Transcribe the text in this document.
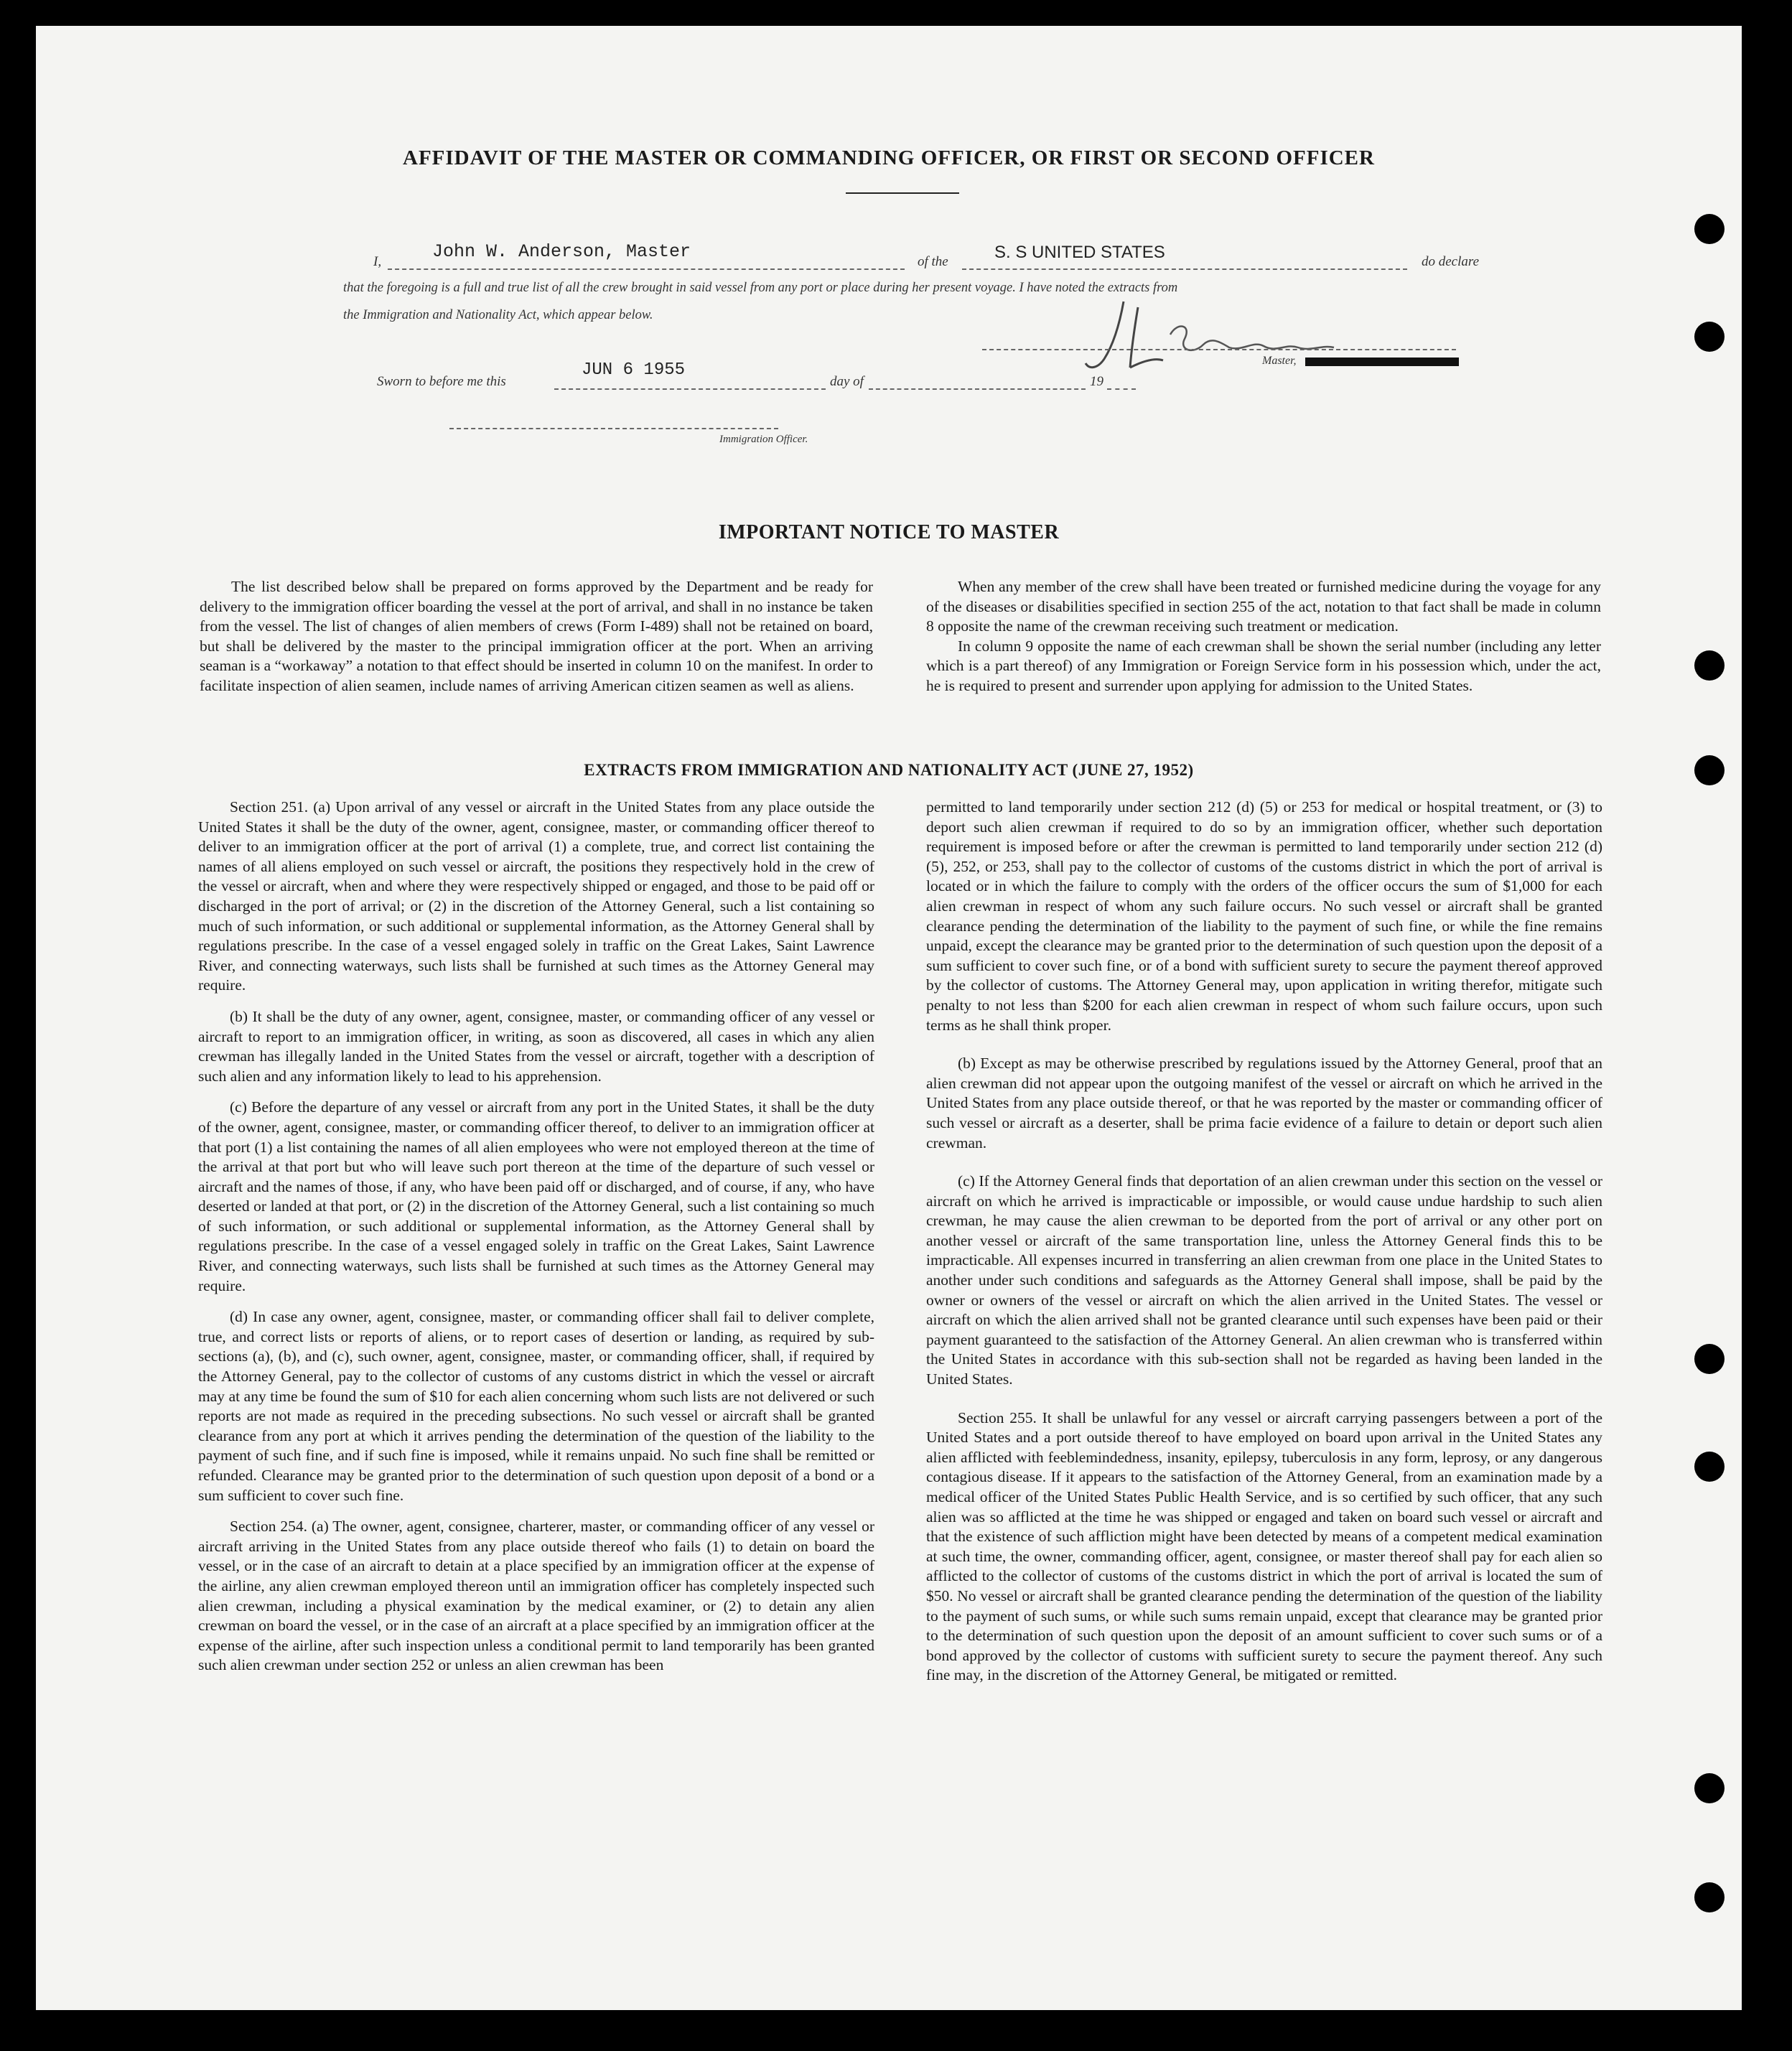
AFFIDAVIT OF THE MASTER OR COMMANDING OFFICER, OR FIRST OR SECOND OFFICER
I,	John W. Anderson, Master	of the	S. S UNITED STATES	do declare
that the foregoing is a full and true list of all the crew brought in said vessel from any port or place during her present voyage. I have noted the extracts from
the Immigration and Nationality Act, which appear below.
Master,
Sworn to before me this
JUN 6 1955
day of	19
Immigration Officer.
IMPORTANT NOTICE TO MASTER

The list described below shall be prepared on forms approved by the Department and be ready for delivery to the immigration officer boarding the vessel at the port of arrival, and shall in no instance be taken from the vessel. The list of changes of alien members of crews (Form I-489) shall not be retained on board, but shall be delivered by the master to the principal immigration officer at the port. When an arriving seaman is a “workaway” a notation to that effect should be inserted in column 10 on the manifest. In order to facilitate inspection of alien seamen, include names of arriving American citizen seamen as well as aliens.

When any member of the crew shall have been treated or furnished medicine during the voyage for any of the diseases or disabilities specified in section 255 of the act, notation to that fact shall be made in column 8 opposite the name of the crewman receiving such treatment or medication.

In column 9 opposite the name of each crewman shall be shown the serial number (including any letter which is a part thereof) of any Immigration or Foreign Service form in his possession which, under the act, he is required to present and surrender upon applying for admission to the United States.

EXTRACTS FROM IMMIGRATION AND NATIONALITY ACT (JUNE 27, 1952)

Section 251. (a) Upon arrival of any vessel or aircraft in the United States from any place outside the United States it shall be the duty of the owner, agent, consignee, master, or commanding officer thereof to deliver to an immigration officer at the port of arrival (1) a complete, true, and correct list containing the names of all aliens employed on such vessel or aircraft, the positions they respectively hold in the crew of the vessel or aircraft, when and where they were respectively shipped or engaged, and those to be paid off or discharged in the port of arrival; or (2) in the discretion of the Attorney General, such a list containing so much of such information, or such additional or supplemental information, as the Attorney General shall by regulations prescribe. In the case of a vessel engaged solely in traffic on the Great Lakes, Saint Lawrence River, and connecting waterways, such lists shall be furnished at such times as the Attorney General may require.

(b) It shall be the duty of any owner, agent, consignee, master, or commanding officer of any vessel or aircraft to report to an immigration officer, in writing, as soon as discovered, all cases in which any alien crewman has illegally landed in the United States from the vessel or aircraft, together with a description of such alien and any information likely to lead to his apprehension.

(c) Before the departure of any vessel or aircraft from any port in the United States, it shall be the duty of the owner, agent, consignee, master, or commanding officer thereof, to deliver to an immigration officer at that port (1) a list containing the names of all alien employees who were not employed thereon at the time of the arrival at that port but who will leave such port thereon at the time of the departure of such vessel or aircraft and the names of those, if any, who have been paid off or discharged, and of course, if any, who have deserted or landed at that port, or (2) in the discretion of the Attorney General, such a list containing so much of such information, or such additional or supplemental information, as the Attorney General shall by regulations prescribe. In the case of a vessel engaged solely in traffic on the Great Lakes, Saint Lawrence River, and connecting waterways, such lists shall be furnished at such times as the Attorney General may require.

(d) In case any owner, agent, consignee, master, or commanding officer shall fail to deliver complete, true, and correct lists or reports of aliens, or to report cases of desertion or landing, as required by sub-sections (a), (b), and (c), such owner, agent, consignee, master, or commanding officer, shall, if required by the Attorney General, pay to the collector of customs of any customs district in which the vessel or aircraft may at any time be found the sum of $10 for each alien concerning whom such lists are not delivered or such reports are not made as required in the preceding subsections. No such vessel or aircraft shall be granted clearance from any port at which it arrives pending the determination of the question of the liability to the payment of such fine, and if such fine is imposed, while it remains unpaid. No such fine shall be remitted or refunded. Clearance may be granted prior to the determination of such question upon deposit of a bond or a sum sufficient to cover such fine.

Section 254. (a) The owner, agent, consignee, charterer, master, or commanding officer of any vessel or aircraft arriving in the United States from any place outside thereof who fails (1) to detain on board the vessel, or in the case of an aircraft to detain at a place specified by an immigration officer at the expense of the airline, any alien crewman employed thereon until an immigration officer has completely inspected such alien crewman, including a physical examination by the medical examiner, or (2) to detain any alien crewman on board the vessel, or in the case of an aircraft at a place specified by an immigration officer at the expense of the airline, after such inspection unless a conditional permit to land temporarily has been granted such alien crewman under section 252 or unless an alien crewman has been

permitted to land temporarily under section 212 (d) (5) or 253 for medical or hospital treatment, or (3) to deport such alien crewman if required to do so by an immigration officer, whether such deportation requirement is imposed before or after the crewman is permitted to land temporarily under section 212 (d) (5), 252, or 253, shall pay to the collector of customs of the customs district in which the port of arrival is located or in which the failure to comply with the orders of the officer occurs the sum of $1,000 for each alien crewman in respect of whom any such failure occurs. No such vessel or aircraft shall be granted clearance pending the determination of the liability to the payment of such fine, or while the fine remains unpaid, except the clearance may be granted prior to the determination of such question upon the deposit of a sum sufficient to cover such fine, or of a bond with sufficient surety to secure the payment thereof approved by the collector of customs. The Attorney General may, upon application in writing therefor, mitigate such penalty to not less than $200 for each alien crewman in respect of whom such failure occurs, upon such terms as he shall think proper.

(b) Except as may be otherwise prescribed by regulations issued by the Attorney General, proof that an alien crewman did not appear upon the outgoing manifest of the vessel or aircraft on which he arrived in the United States from any place outside thereof, or that he was reported by the master or commanding officer of such vessel or aircraft as a deserter, shall be prima facie evidence of a failure to detain or deport such alien crewman.

(c) If the Attorney General finds that deportation of an alien crewman under this section on the vessel or aircraft on which he arrived is impracticable or impossible, or would cause undue hardship to such alien crewman, he may cause the alien crewman to be deported from the port of arrival or any other port on another vessel or aircraft of the same transportation line, unless the Attorney General finds this to be impracticable. All expenses incurred in transferring an alien crewman from one place in the United States to another under such conditions and safeguards as the Attorney General shall impose, shall be paid by the owner or owners of the vessel or aircraft on which the alien arrived in the United States. The vessel or aircraft on which the alien arrived shall not be granted clearance until such expenses have been paid or their payment guaranteed to the satisfaction of the Attorney General. An alien crewman who is transferred within the United States in accordance with this sub-section shall not be regarded as having been landed in the United States.

Section 255. It shall be unlawful for any vessel or aircraft carrying passengers between a port of the United States and a port outside thereof to have employed on board upon arrival in the United States any alien afflicted with feeblemindedness, insanity, epilepsy, tuberculosis in any form, leprosy, or any dangerous contagious disease. If it appears to the satisfaction of the Attorney General, from an examination made by a medical officer of the United States Public Health Service, and is so certified by such officer, that any such alien was so afflicted at the time he was shipped or engaged and taken on board such vessel or aircraft and that the existence of such affliction might have been detected by means of a competent medical examination at such time, the owner, commanding officer, agent, consignee, or master thereof shall pay for each alien so afflicted to the collector of customs of the customs district in which the port of arrival is located the sum of $50. No vessel or aircraft shall be granted clearance pending the determination of the question of the liability to the payment of such sums, or while such sums remain unpaid, except that clearance may be granted prior to the determination of such question upon the deposit of an amount sufficient to cover such sums or of a bond approved by the collector of customs with sufficient surety to secure the payment thereof. Any such fine may, in the discretion of the Attorney General, be mitigated or remitted.
